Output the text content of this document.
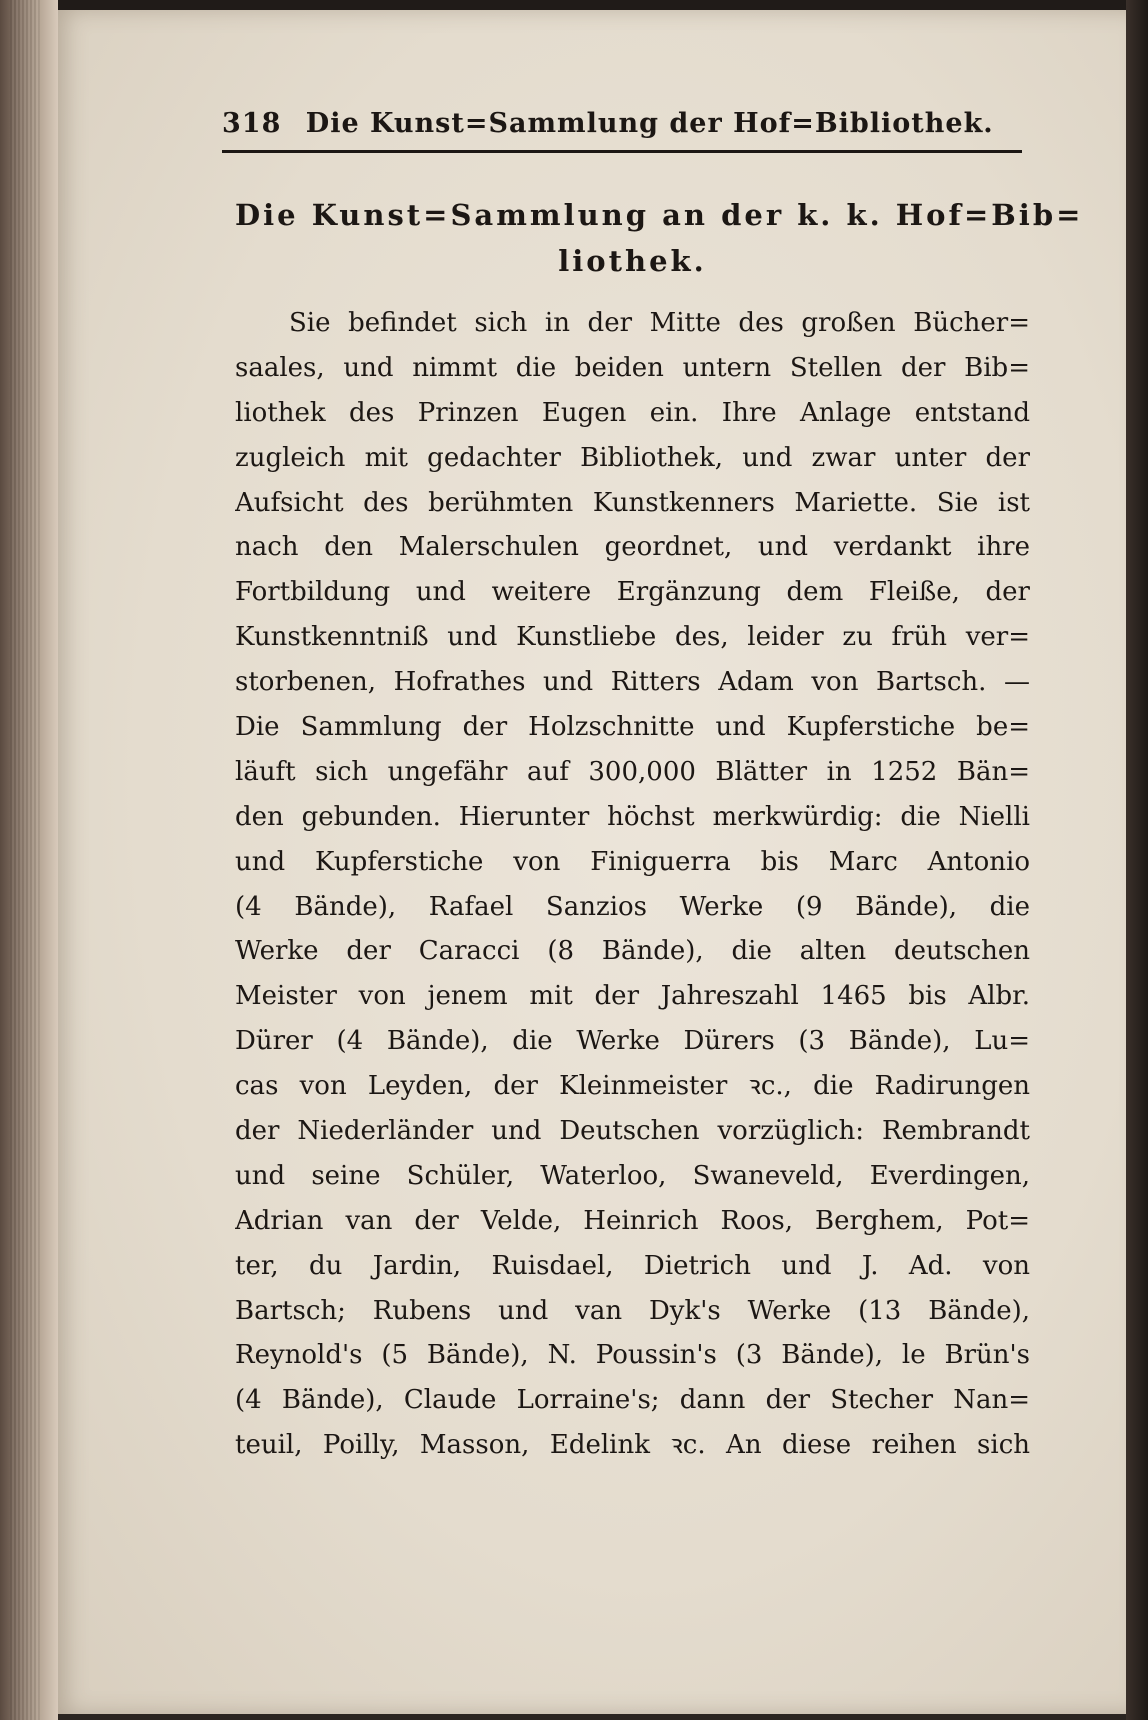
318 Die Kunst=Sammlung der Hof=Bibliothek.
Die Kunst=Sammlung an der k. k. Hof=Bib=
liothek.
Sie befindet sich in der Mitte des großen Bücher=
saales, und nimmt die beiden untern Stellen der Bib=
liothek des Prinzen Eugen ein. Ihre Anlage entstand
zugleich mit gedachter Bibliothek, und zwar unter der
Aufsicht des berühmten Kunstkenners Mariette. Sie ist
nach den Malerschulen geordnet, und verdankt ihre
Fortbildung und weitere Ergänzung dem Fleiße, der
Kunstkenntniß und Kunstliebe des, leider zu früh ver=
storbenen, Hofrathes und Ritters Adam von Bartsch. —
Die Sammlung der Holzschnitte und Kupferstiche be=
läuft sich ungefähr auf 300,000 Blätter in 1252 Bän=
den gebunden. Hierunter höchst merkwürdig: die Nielli
und Kupferstiche von Finiguerra bis Marc Antonio
(4 Bände), Rafael Sanzios Werke (9 Bände), die
Werke der Caracci (8 Bände), die alten deutschen
Meister von jenem mit der Jahreszahl 1465 bis Albr.
Dürer (4 Bände), die Werke Dürers (3 Bände), Lu=
cas von Leyden, der Kleinmeister ꝛc., die Radirungen
der Niederländer und Deutschen vorzüglich: Rembrandt
und seine Schüler, Waterloo, Swaneveld, Everdingen,
Adrian van der Velde, Heinrich Roos, Berghem, Pot=
ter, du Jardin, Ruisdael, Dietrich und J. Ad. von
Bartsch; Rubens und van Dyk's Werke (13 Bände),
Reynold's (5 Bände), N. Poussin's (3 Bände), le Brün's
(4 Bände), Claude Lorraine's; dann der Stecher Nan=
teuil, Poilly, Masson, Edelink ꝛc. An diese reihen sich
